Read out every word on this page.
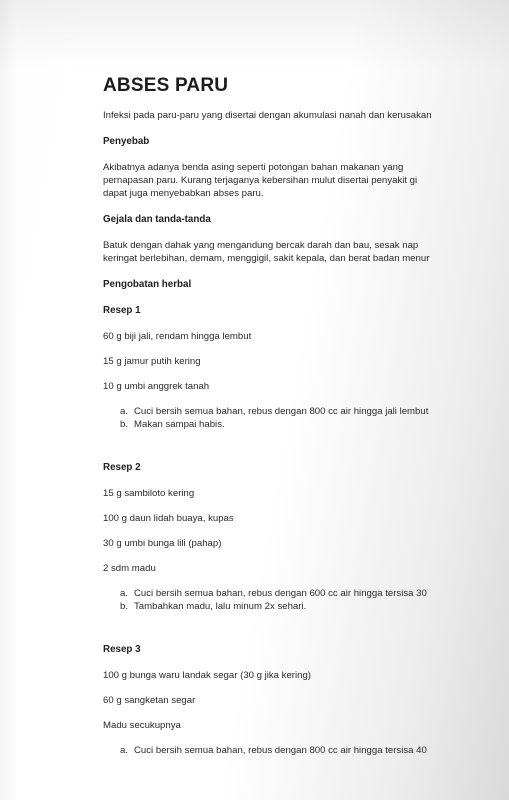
ABSES PARU

Infeksi pada paru-paru yang disertai dengan akumulasi nanah dan kerusakan

Penyebab

Akibatnya adanya benda asing seperti potongan bahan makanan yang
pernapasan paru. Kurang terjaganya kebersihan mulut disertai penyakit gi
dapat juga menyebabkan abses paru.

Gejala dan tanda-tanda

Batuk dengan dahak yang mengandung bercak darah dan bau, sesak nap
keringat berlebihan, demam, menggigil, sakit kepala, dan berat badan menur

Pengobatan herbal

Resep 1

60 g biji jali, rendam hingga lembut

15 g jamur putih kering

10 g umbi anggrek tanah

a. Cuci bersih semua bahan, rebus dengan 800 cc air hingga jali lembut
b. Makan sampai habis.

Resep 2

15 g sambiloto kering

100 g daun lidah buaya, kupas

30 g umbi bunga lili (pahap)

2 sdm madu

a. Cuci bersih semua bahan, rebus dengan 600 cc air hingga tersisa 30
b. Tambahkan madu, lalu minum 2x sehari.

Resep 3

100 g bunga waru landak segar (30 g jika kering)

60 g sangketan segar

Madu secukupnya

a. Cuci bersih semua bahan, rebus dengan 800 cc air hingga tersisa 40
